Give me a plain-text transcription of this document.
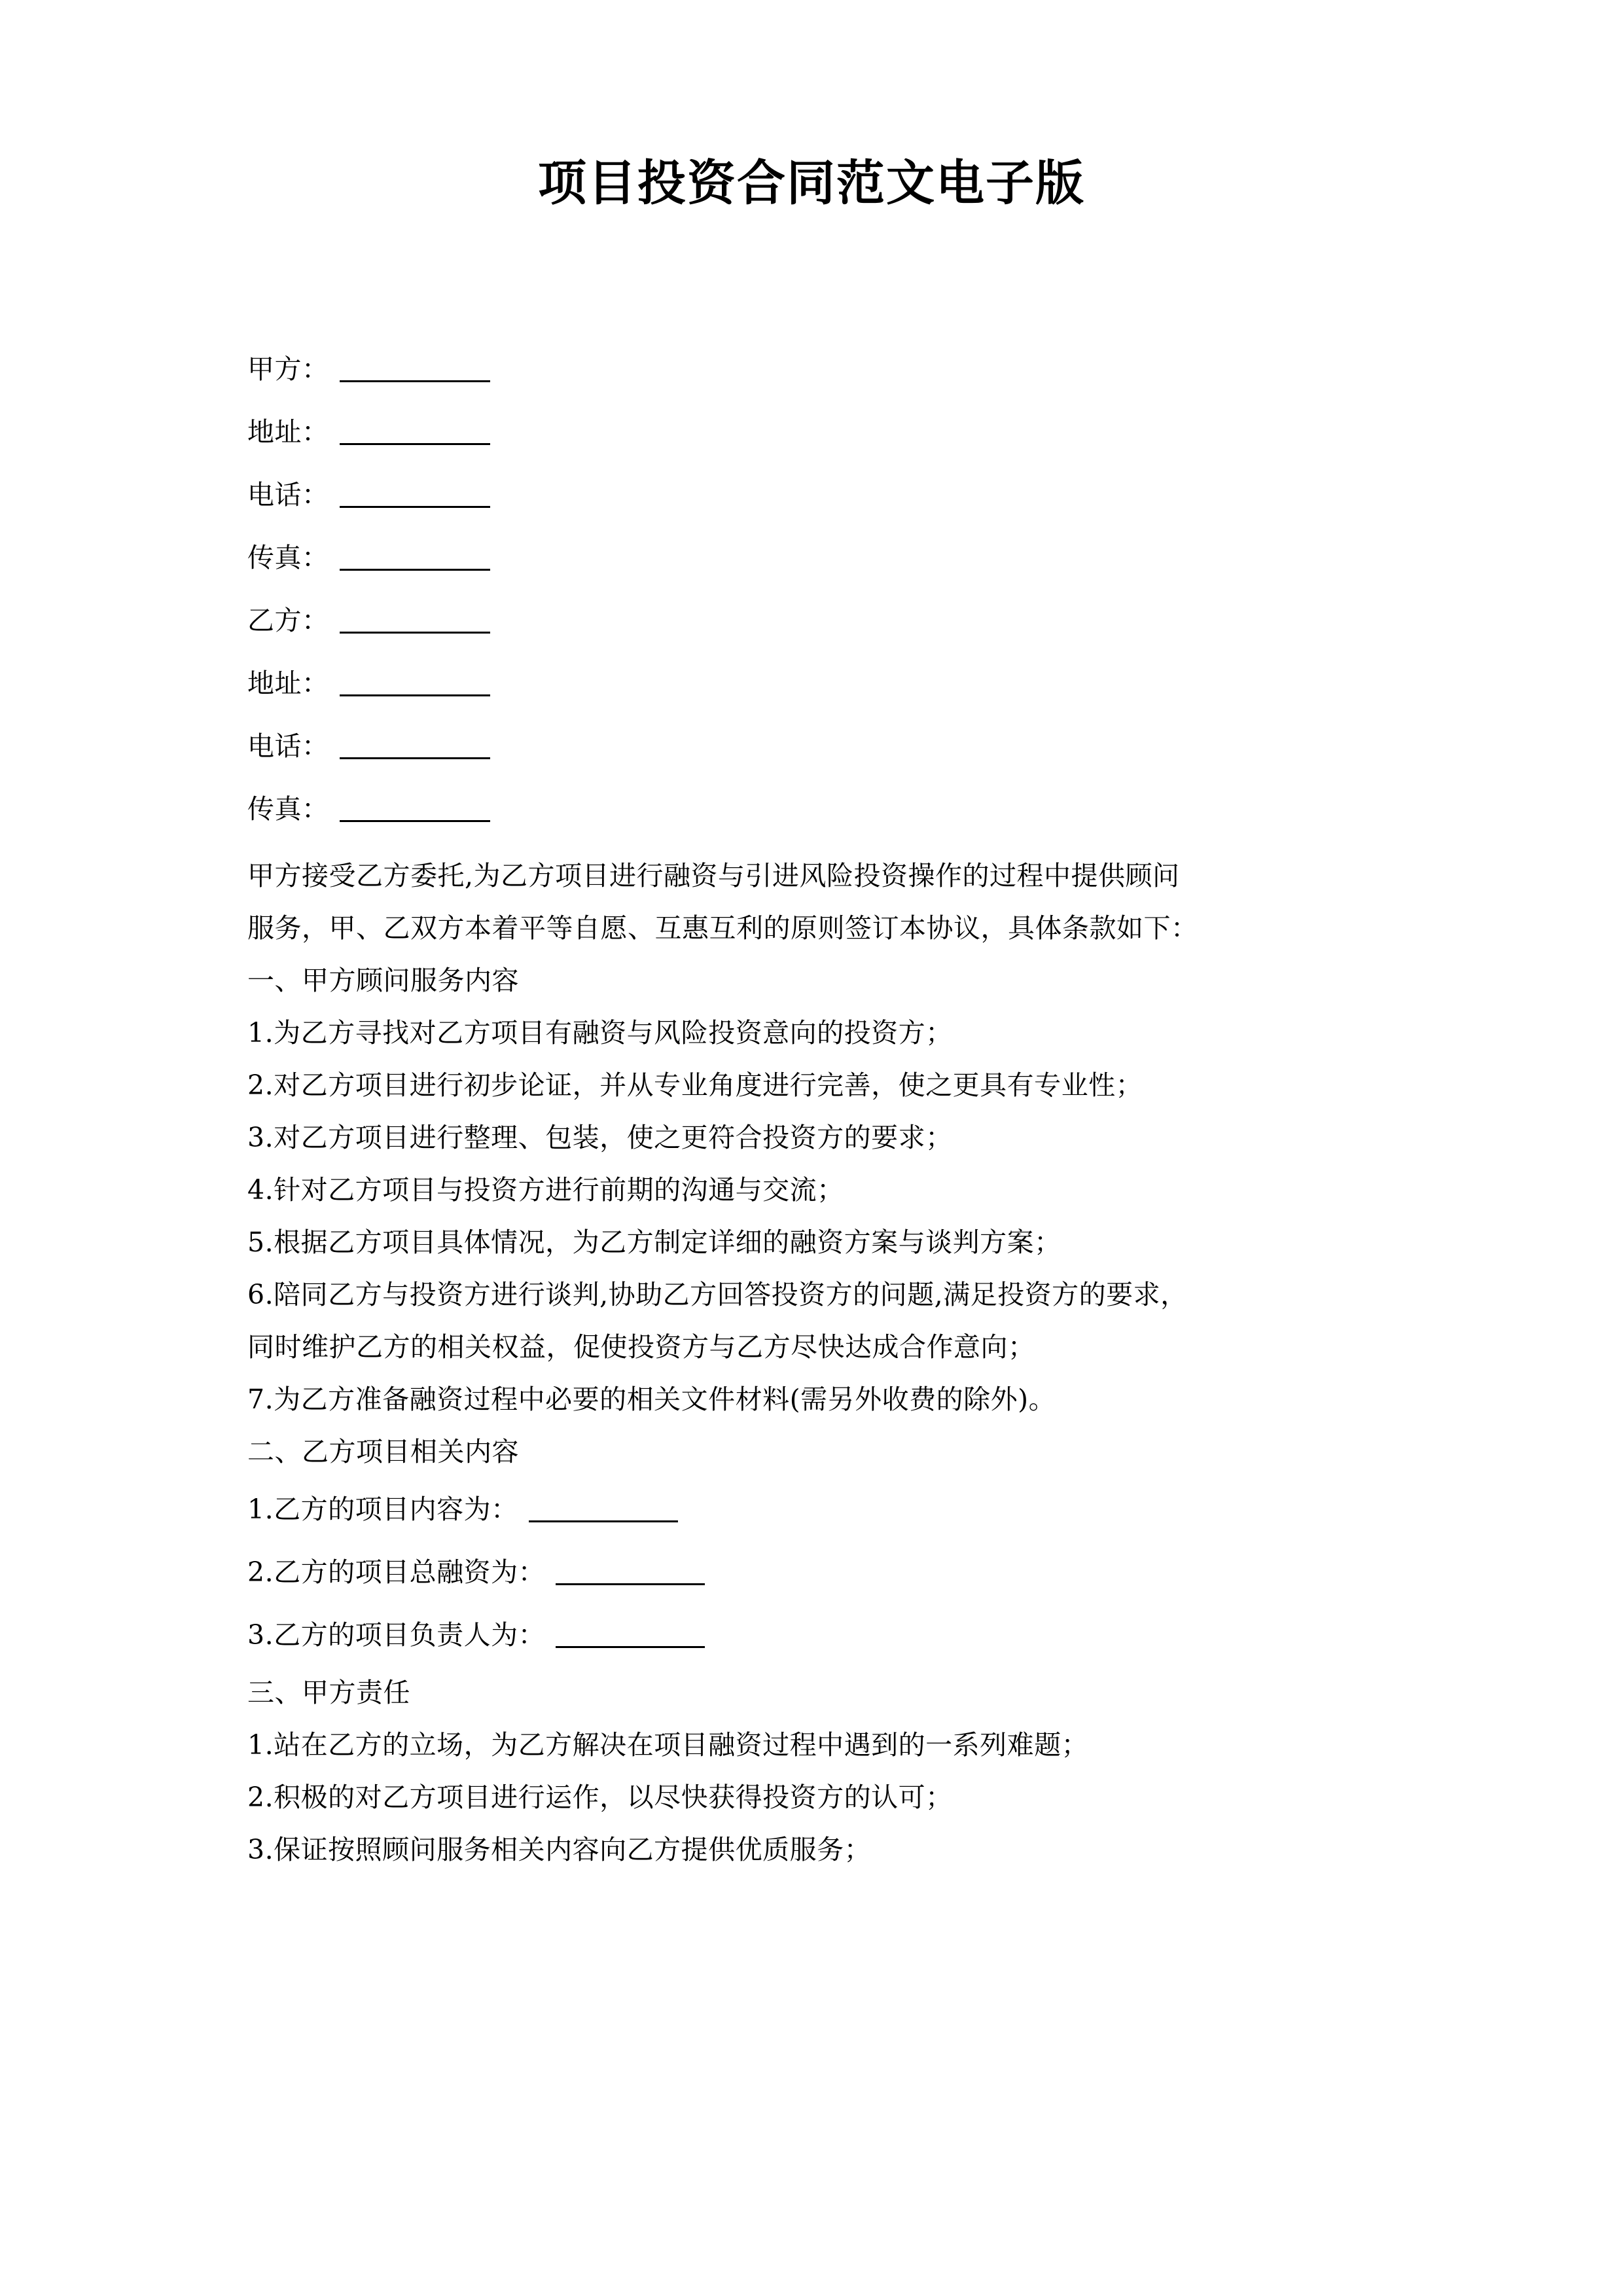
项目投资合同范文电子版
甲方：
地址：
电话：
传真：
乙方：
地址：
电话：
传真：
甲方接受乙方委托,为乙方项目进行融资与引进风险投资操作的过程中提供顾问
服务，甲、乙双方本着平等自愿、互惠互利的原则签订本协议，具体条款如下：
一、甲方顾问服务内容
1.为乙方寻找对乙方项目有融资与风险投资意向的投资方；
2.对乙方项目进行初步论证，并从专业角度进行完善，使之更具有专业性；
3.对乙方项目进行整理、包装，使之更符合投资方的要求；
4.针对乙方项目与投资方进行前期的沟通与交流；
5.根据乙方项目具体情况，为乙方制定详细的融资方案与谈判方案；
6.陪同乙方与投资方进行谈判,协助乙方回答投资方的问题,满足投资方的要求，
同时维护乙方的相关权益，促使投资方与乙方尽快达成合作意向；
7.为乙方准备融资过程中必要的相关文件材料(需另外收费的除外)。
二、乙方项目相关内容
1.乙方的项目内容为：
2.乙方的项目总融资为：
3.乙方的项目负责人为：
三、甲方责任
1.站在乙方的立场，为乙方解决在项目融资过程中遇到的一系列难题；
2.积极的对乙方项目进行运作，以尽快获得投资方的认可；
3.保证按照顾问服务相关内容向乙方提供优质服务；
